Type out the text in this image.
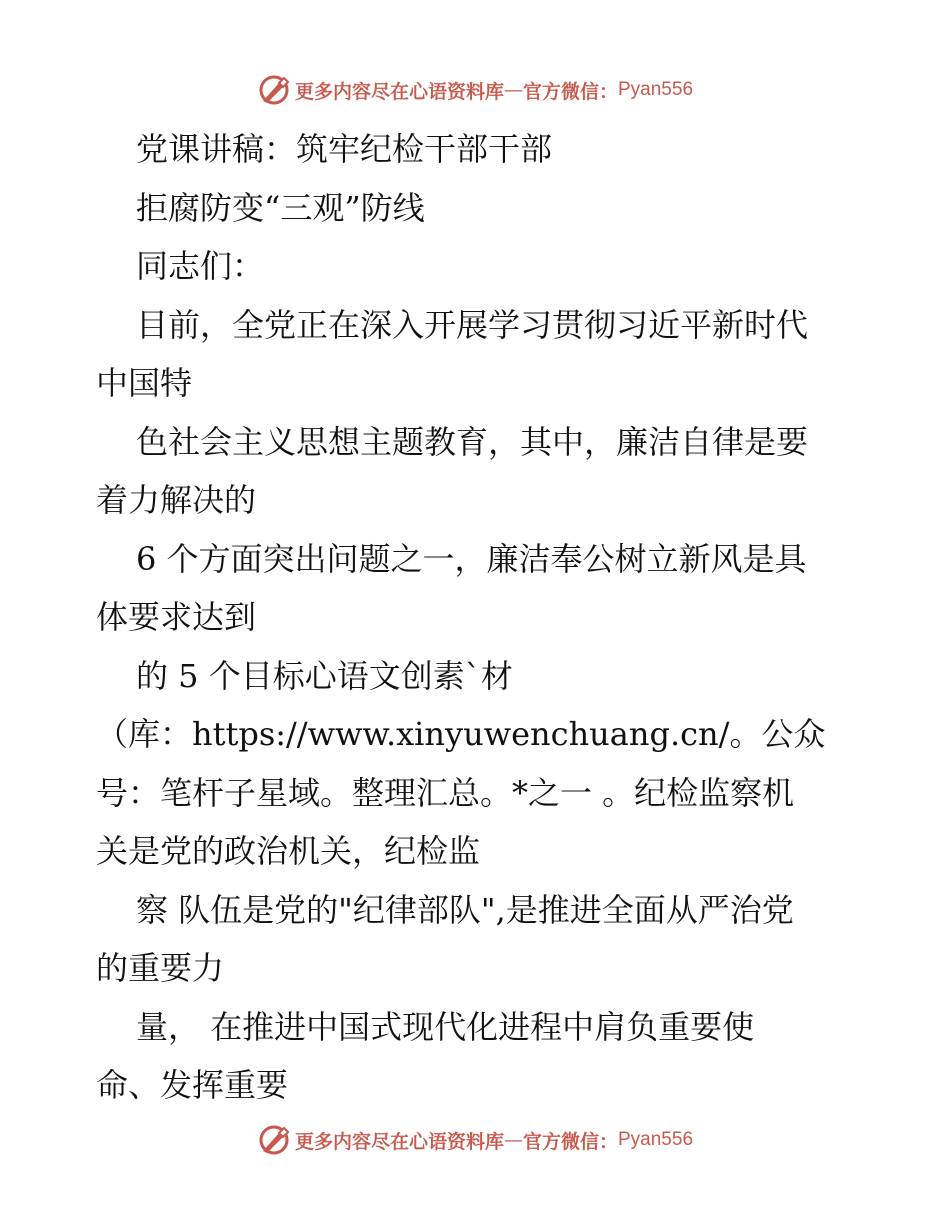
更多内容尽在心语资料库 — 官方微信： Pyan556
党课讲稿：筑牢纪检干部干部
拒腐防变“三观”防线
同志们：
目前，全党正在深入开展学习贯彻习近平新时代
中国特
色社会主义思想主题教育，其中，廉洁自律是要
着力解决的
6 个方面突出问题之一，廉洁奉公树立新风是具
体要求达到
的 5 个目标心语文创素`材
（库：https://www.xinyuwenchuang.cn/。公众
号：笔杆子星域。整理汇总。*之一 。纪检监察机
关是党的政治机关，纪检监
察 队伍是党的"纪律部队",是推进全面从严治党
的重要力
量， 在推进中国式现代化进程中肩负重要使
命、发挥重要
更多内容尽在心语资料库 — 官方微信： Pyan556
